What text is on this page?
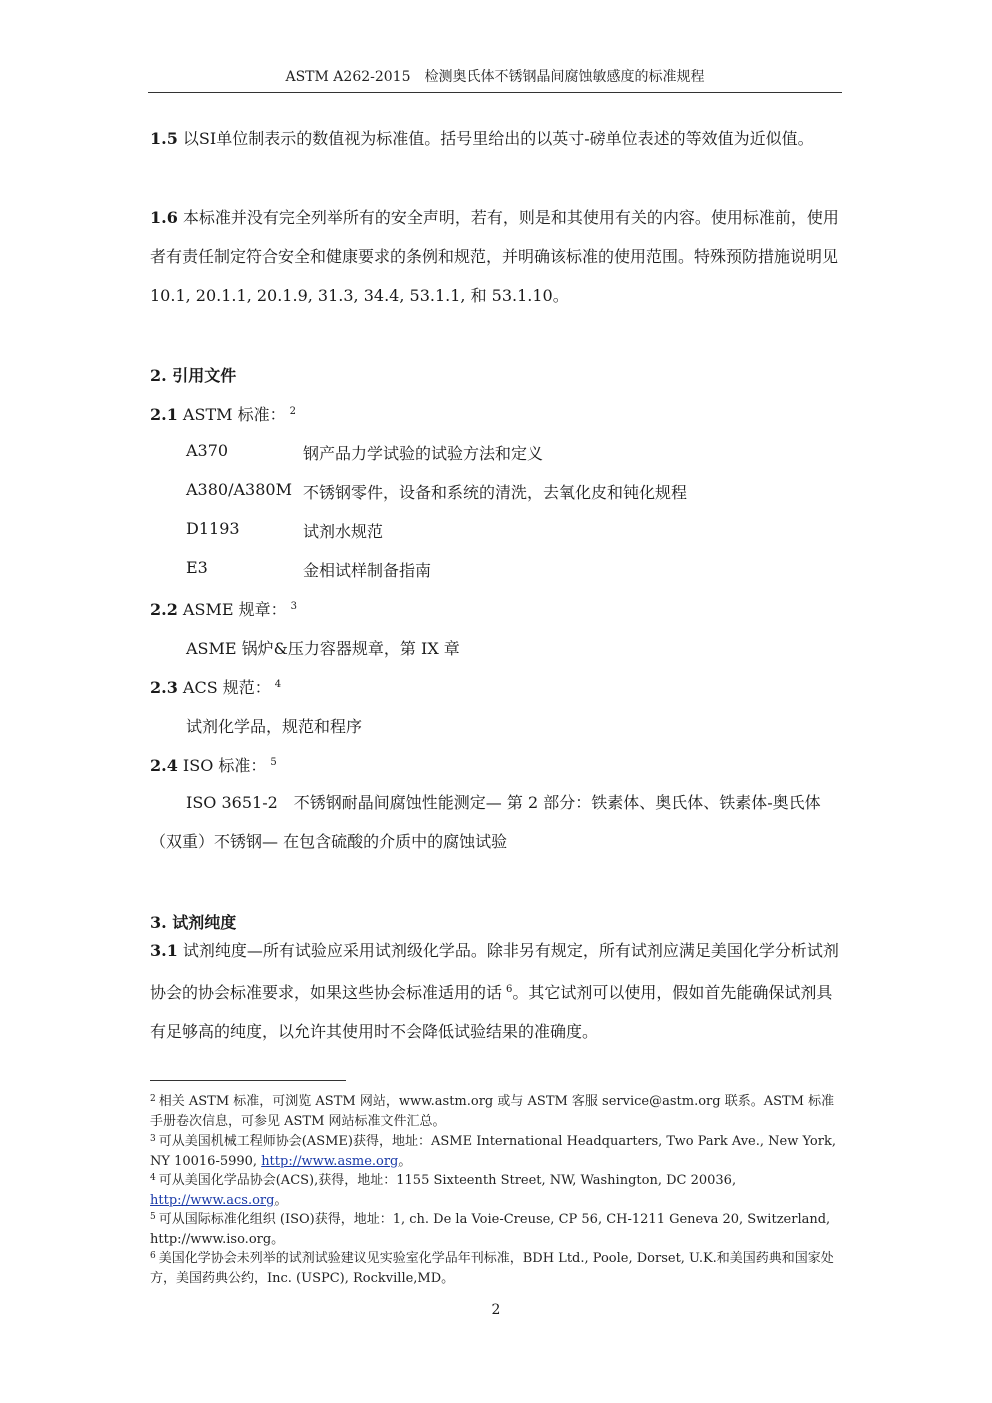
ASTM A262-2015　检测奥氏体不锈钢晶间腐蚀敏感度的标准规程
1.5 以SI单位制表示的数值视为标准值。括号里给出的以英寸-磅单位表述的等效值为近似值。
1.6 本标准并没有完全列举所有的安全声明，若有，则是和其使用有关的内容。使用标准前，使用者有责任制定符合安全和健康要求的条例和规范，并明确该标准的使用范围。特殊预防措施说明见 10.1, 20.1.1, 20.1.9, 31.3, 34.4, 53.1.1, 和 53.1.10。
2. 引用文件
2.1 ASTM 标准： $^2$
A370	钢产品力学试验的试验方法和定义
A380/A380M 不锈钢零件，设备和系统的清洗，去氧化皮和钝化规程
D1193	试剂水规范
E3	金相试样制备指南
2.2 ASME 规章： $^3$
ASME 锅炉&压力容器规章，第 IX 章
2.3 ACS 规范： $^4$
试剂化学品，规范和程序
2.4 ISO 标准： $^5$
ISO 3651-2　不锈钢耐晶间腐蚀性能测定— 第 2 部分：铁素体、奥氏体、铁素体-奥氏体（双重）不锈钢— 在包含硫酸的介质中的腐蚀试验
3. 试剂纯度
3.1 试剂纯度—所有试验应采用试剂级化学品。除非另有规定，所有试剂应满足美国化学分析试剂协会的协会标准要求，如果这些协会标准适用的话 $^6$。其它试剂可以使用，假如首先能确保试剂具有足够高的纯度，以允许其使用时不会降低试验结果的准确度。
$^2$ 相关 ASTM 标准，可浏览 ASTM 网站，www.astm.org 或与 ASTM 客服 service@astm.org 联系。ASTM 标准手册卷次信息，可参见 ASTM 网站标准文件汇总。
$^3$ 可从美国机械工程师协会(ASME)获得，地址：ASME International Headquarters, Two Park Ave., New York, NY 10016-5990, http://www.asme.org。
$^4$ 可从美国化学品协会(ACS),获得，地址：1155 Sixteenth Street, NW, Washington, DC 20036, http://www.acs.org。
$^5$ 可从国际标准化组织 (ISO)获得，地址：1, ch. De la Voie-Creuse, CP 56, CH-1211 Geneva 20, Switzerland, http://www.iso.org。
$^6$ 美国化学协会未列举的试剂试验建议见实验室化学品年刊标准，BDH Ltd., Poole, Dorset, U.K.和美国药典和国家处方，美国药典公约，Inc. (USPC), Rockville,MD。
2
